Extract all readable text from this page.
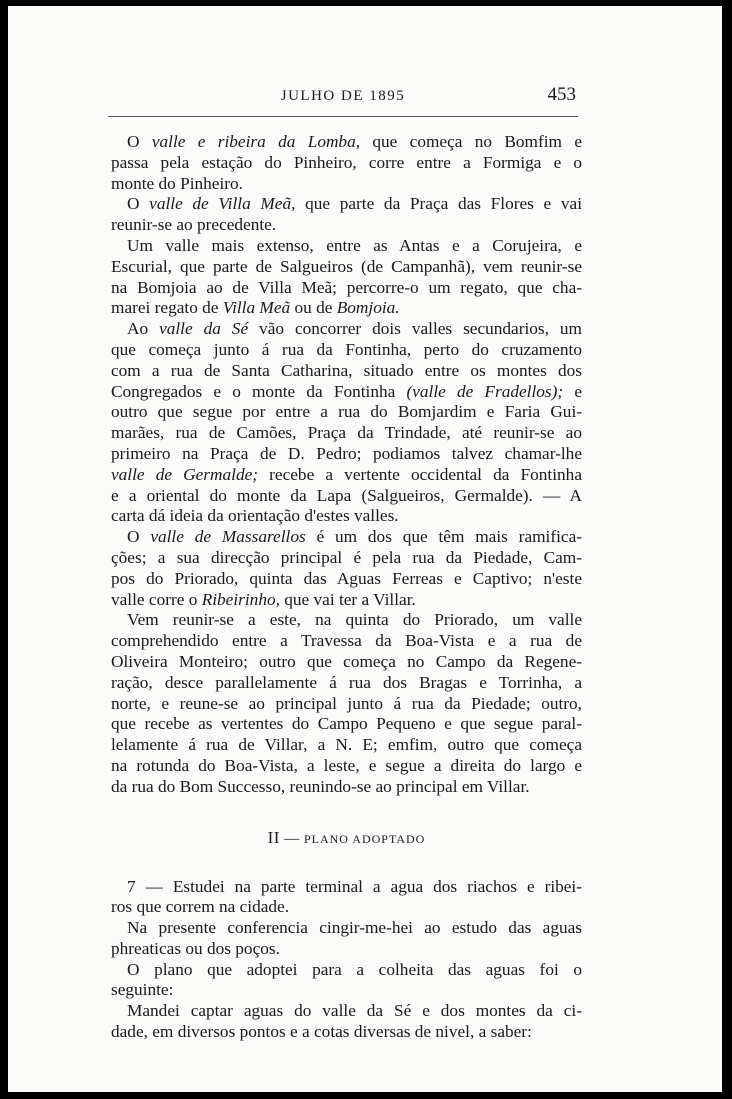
JULHO DE 1895	453
O valle e ribeira da Lomba, que começa no Bomfim e
passa pela estação do Pinheiro, corre entre a Formiga e o
monte do Pinheiro.
O valle de Villa Meã, que parte da Praça das Flores e vai
reunir-se ao precedente.
Um valle mais extenso, entre as Antas e a Corujeira, e
Escurial, que parte de Salgueiros (de Campanhã), vem reunir-se
na Bomjoia ao de Villa Meã; percorre-o um regato, que cha-
marei regato de Villa Meã ou de Bomjoia.
Ao valle da Sé vão concorrer dois valles secundarios, um
que começa junto á rua da Fontinha, perto do cruzamento
com a rua de Santa Catharina, situado entre os montes dos
Congregados e o monte da Fontinha (valle de Fradellos); e
outro que segue por entre a rua do Bomjardim e Faria Gui-
marães, rua de Camões, Praça da Trindade, até reunir-se ao
primeiro na Praça de D. Pedro; podiamos talvez chamar-lhe
valle de Germalde; recebe a vertente occidental da Fontinha
e a oriental do monte da Lapa (Salgueiros, Germalde). — A
carta dá ideia da orientação d'estes valles.
O valle de Massarellos é um dos que têm mais ramifica-
ções; a sua direcção principal é pela rua da Piedade, Cam-
pos do Priorado, quinta das Aguas Ferreas e Captivo; n'este
valle corre o Ribeirinho, que vai ter a Villar.
Vem reunir-se a este, na quinta do Priorado, um valle
comprehendido entre a Travessa da Boa-Vista e a rua de
Oliveira Monteiro; outro que começa no Campo da Regene-
ração, desce parallelamente á rua dos Bragas e Torrinha, a
norte, e reune-se ao principal junto á rua da Piedade; outro,
que recebe as vertentes do Campo Pequeno e que segue paral-
lelamente á rua de Villar, a N. E; emfim, outro que começa
na rotunda do Boa-Vista, a leste, e segue a direita do largo e
da rua do Bom Successo, reunindo-se ao principal em Villar.
II — PLANO ADOPTADO
7 — Estudei na parte terminal a agua dos riachos e ribei-
ros que correm na cidade.
Na presente conferencia cingir-me-hei ao estudo das aguas
phreaticas ou dos poços.
O plano que adoptei para a colheita das aguas foi o
seguinte:
Mandei captar aguas do valle da Sé e dos montes da ci-
dade, em diversos pontos e a cotas diversas de nivel, a saber:
